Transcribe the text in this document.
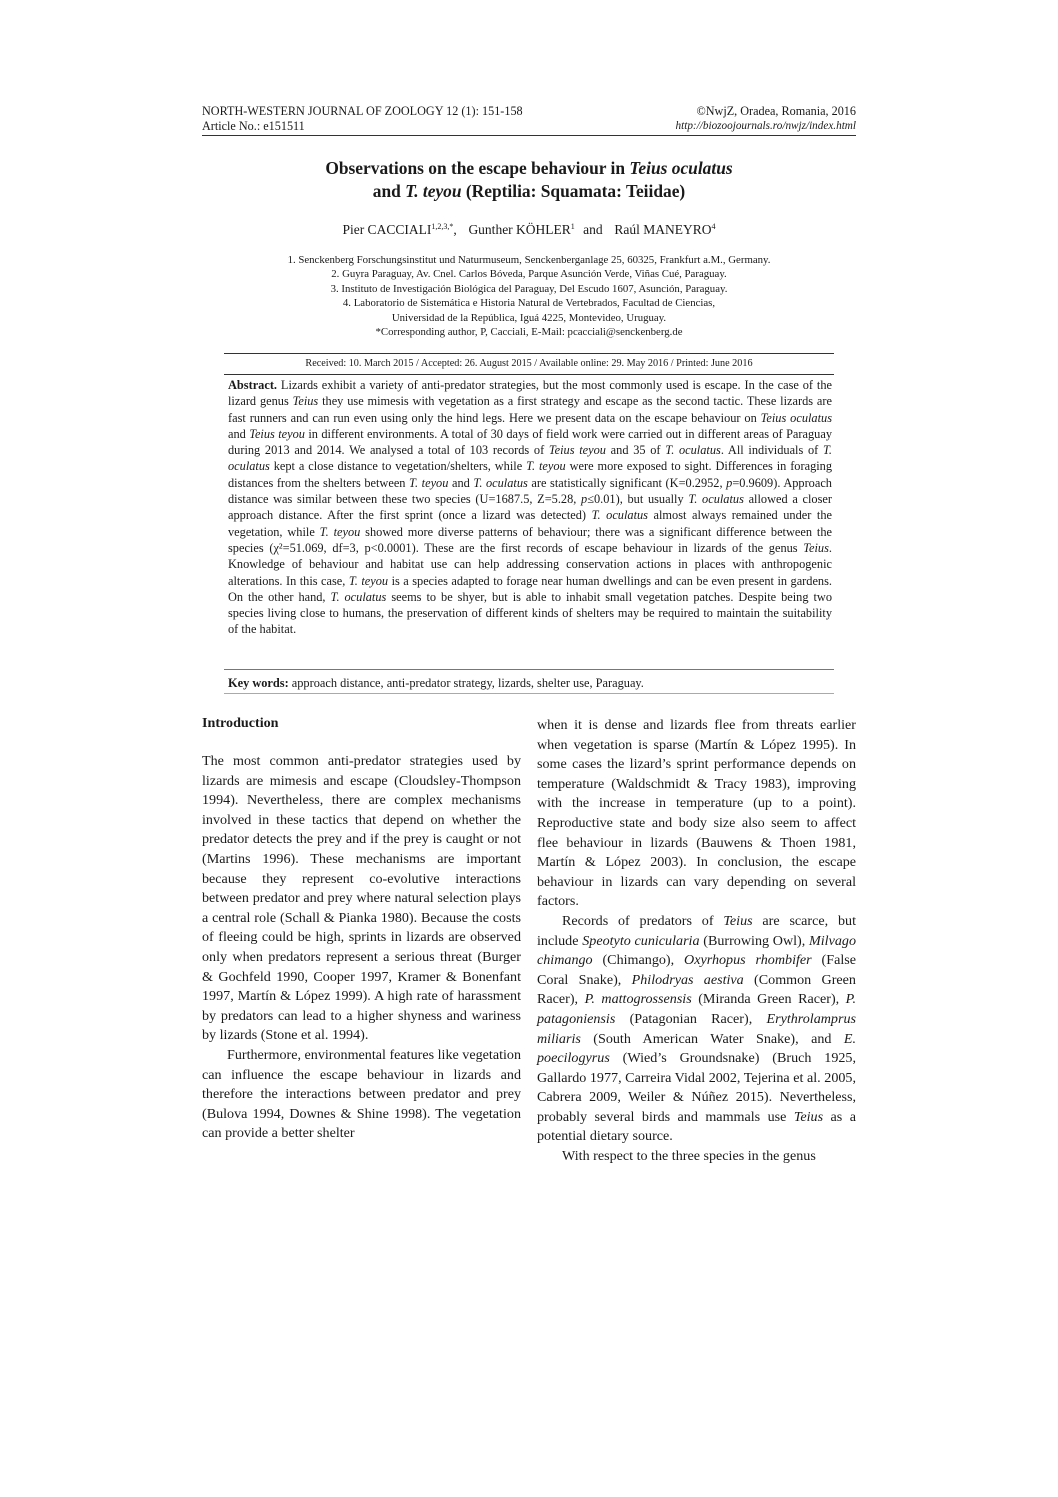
NORTH-WESTERN JOURNAL OF ZOOLOGY 12 (1): 151-158	©NwjZ, Oradea, Romania, 2016
Article No.: e151511	http://biozoojournals.ro/nwjz/index.html
Observations on the escape behaviour in Teius oculatus
and T. teyou (Reptilia: Squamata: Teiidae)
Pier $CACCIALI^{1,2,3,*}$,  Gunther KÖHLER$^1$ and  Raúl MANEYRO$^4$
1. Senckenberg Forschungsinstitut und Naturmuseum, Senckenberganlage 25, 60325, Frankfurt a.M., Germany.
2. Guyra Paraguay, Av. Cnel. Carlos Bóveda, Parque Asunción Verde, Viñas Cué, Paraguay.
3. Instituto de Investigación Biológica del Paraguay, Del Escudo 1607, Asunción, Paraguay.
4. Laboratorio de Sistemática e Historia Natural de Vertebrados, Facultad de Ciencias,
Universidad de la República, Iguá 4225, Montevideo, Uruguay.
*Corresponding author, P, Cacciali, E-Mail: pcacciali@senckenberg.de
Received: 10. March 2015 / Accepted: 26. August 2015 / Available online: 29. May 2016 / Printed: June 2016
Abstract. Lizards exhibit a variety of anti-predator strategies, but the most commonly used is escape. In the case of the lizard genus Teius they use mimesis with vegetation as a first strategy and escape as the second tactic. These lizards are fast runners and can run even using only the hind legs. Here we present data on the escape behaviour on Teius oculatus and Teius teyou in different environments. A total of 30 days of field work were carried out in different areas of Paraguay during 2013 and 2014. We analysed a total of 103 records of Teius teyou and 35 of T. oculatus. All individuals of T. oculatus kept a close distance to vegetation/shelters, while T. teyou were more exposed to sight. Differences in foraging distances from the shelters between T. teyou and T. oculatus are statistically significant (K=0.2952, p=0.9609). Approach distance was similar between these two species (U=1687.5, Z=5.28, p≤0.01), but usually T. oculatus allowed a closer approach distance. After the first sprint (once a lizard was detected) T. oculatus almost always remained under the vegetation, while T. teyou showed more diverse patterns of behaviour; there was a significant difference between the species (χ²=51.069, df=3, p<0.0001). These are the first records of escape behaviour in lizards of the genus Teius. Knowledge of behaviour and habitat use can help addressing conservation actions in places with anthropogenic alterations. In this case, T. teyou is a species adapted to forage near human dwellings and can be even present in gardens. On the other hand, T. oculatus seems to be shyer, but is able to inhabit small vegetation patches. Despite being two species living close to humans, the preservation of different kinds of shelters may be required to maintain the suitability of the habitat.
Key words: approach distance, anti-predator strategy, lizards, shelter use, Paraguay.
Introduction

The most common anti-predator strategies used by lizards are mimesis and escape (Cloudsley-Thompson 1994). Nevertheless, there are complex mechanisms involved in these tactics that depend on whether the predator detects the prey and if the prey is caught or not (Martins 1996). These mechanisms are important because they represent co-evolutive interactions between predator and prey where natural selection plays a central role (Schall & Pianka 1980). Because the costs of fleeing could be high, sprints in lizards are observed only when predators represent a serious threat (Burger & Gochfeld 1990, Cooper 1997, Kramer & Bonenfant 1997, Martín & López 1999). A high rate of harassment by predators can lead to a higher shyness and wariness by lizards (Stone et al. 1994).

Furthermore, environmental features like vegetation can influence the escape behaviour in lizards and therefore the interactions between predator and prey (Bulova 1994, Downes & Shine 1998). The vegetation can provide a better shelter

when it is dense and lizards flee from threats earlier when vegetation is sparse (Martín & López 1995). In some cases the lizard’s sprint performance depends on temperature (Waldschmidt & Tracy 1983), improving with the increase in temperature (up to a point). Reproductive state and body size also seem to affect flee behaviour in lizards (Bauwens & Thoen 1981, Martín & López 2003). In conclusion, the escape behaviour in lizards can vary depending on several factors.

Records of predators of Teius are scarce, but include Speotyto cunicularia (Burrowing Owl), Milvago chimango (Chimango), Oxyrhopus rhombifer (False Coral Snake), Philodryas aestiva (Common Green Racer), P. mattogrossensis (Miranda Green Racer), P. patagoniensis (Patagonian Racer), Erythrolamprus miliaris (South American Water Snake), and E. poecilogyrus (Wied’s Groundsnake) (Bruch 1925, Gallardo 1977, Carreira Vidal 2002, Tejerina et al. 2005, Cabrera 2009, Weiler & Núñez 2015). Nevertheless, probably several birds and mammals use Teius as a potential dietary source.

With respect to the three species in the genus
